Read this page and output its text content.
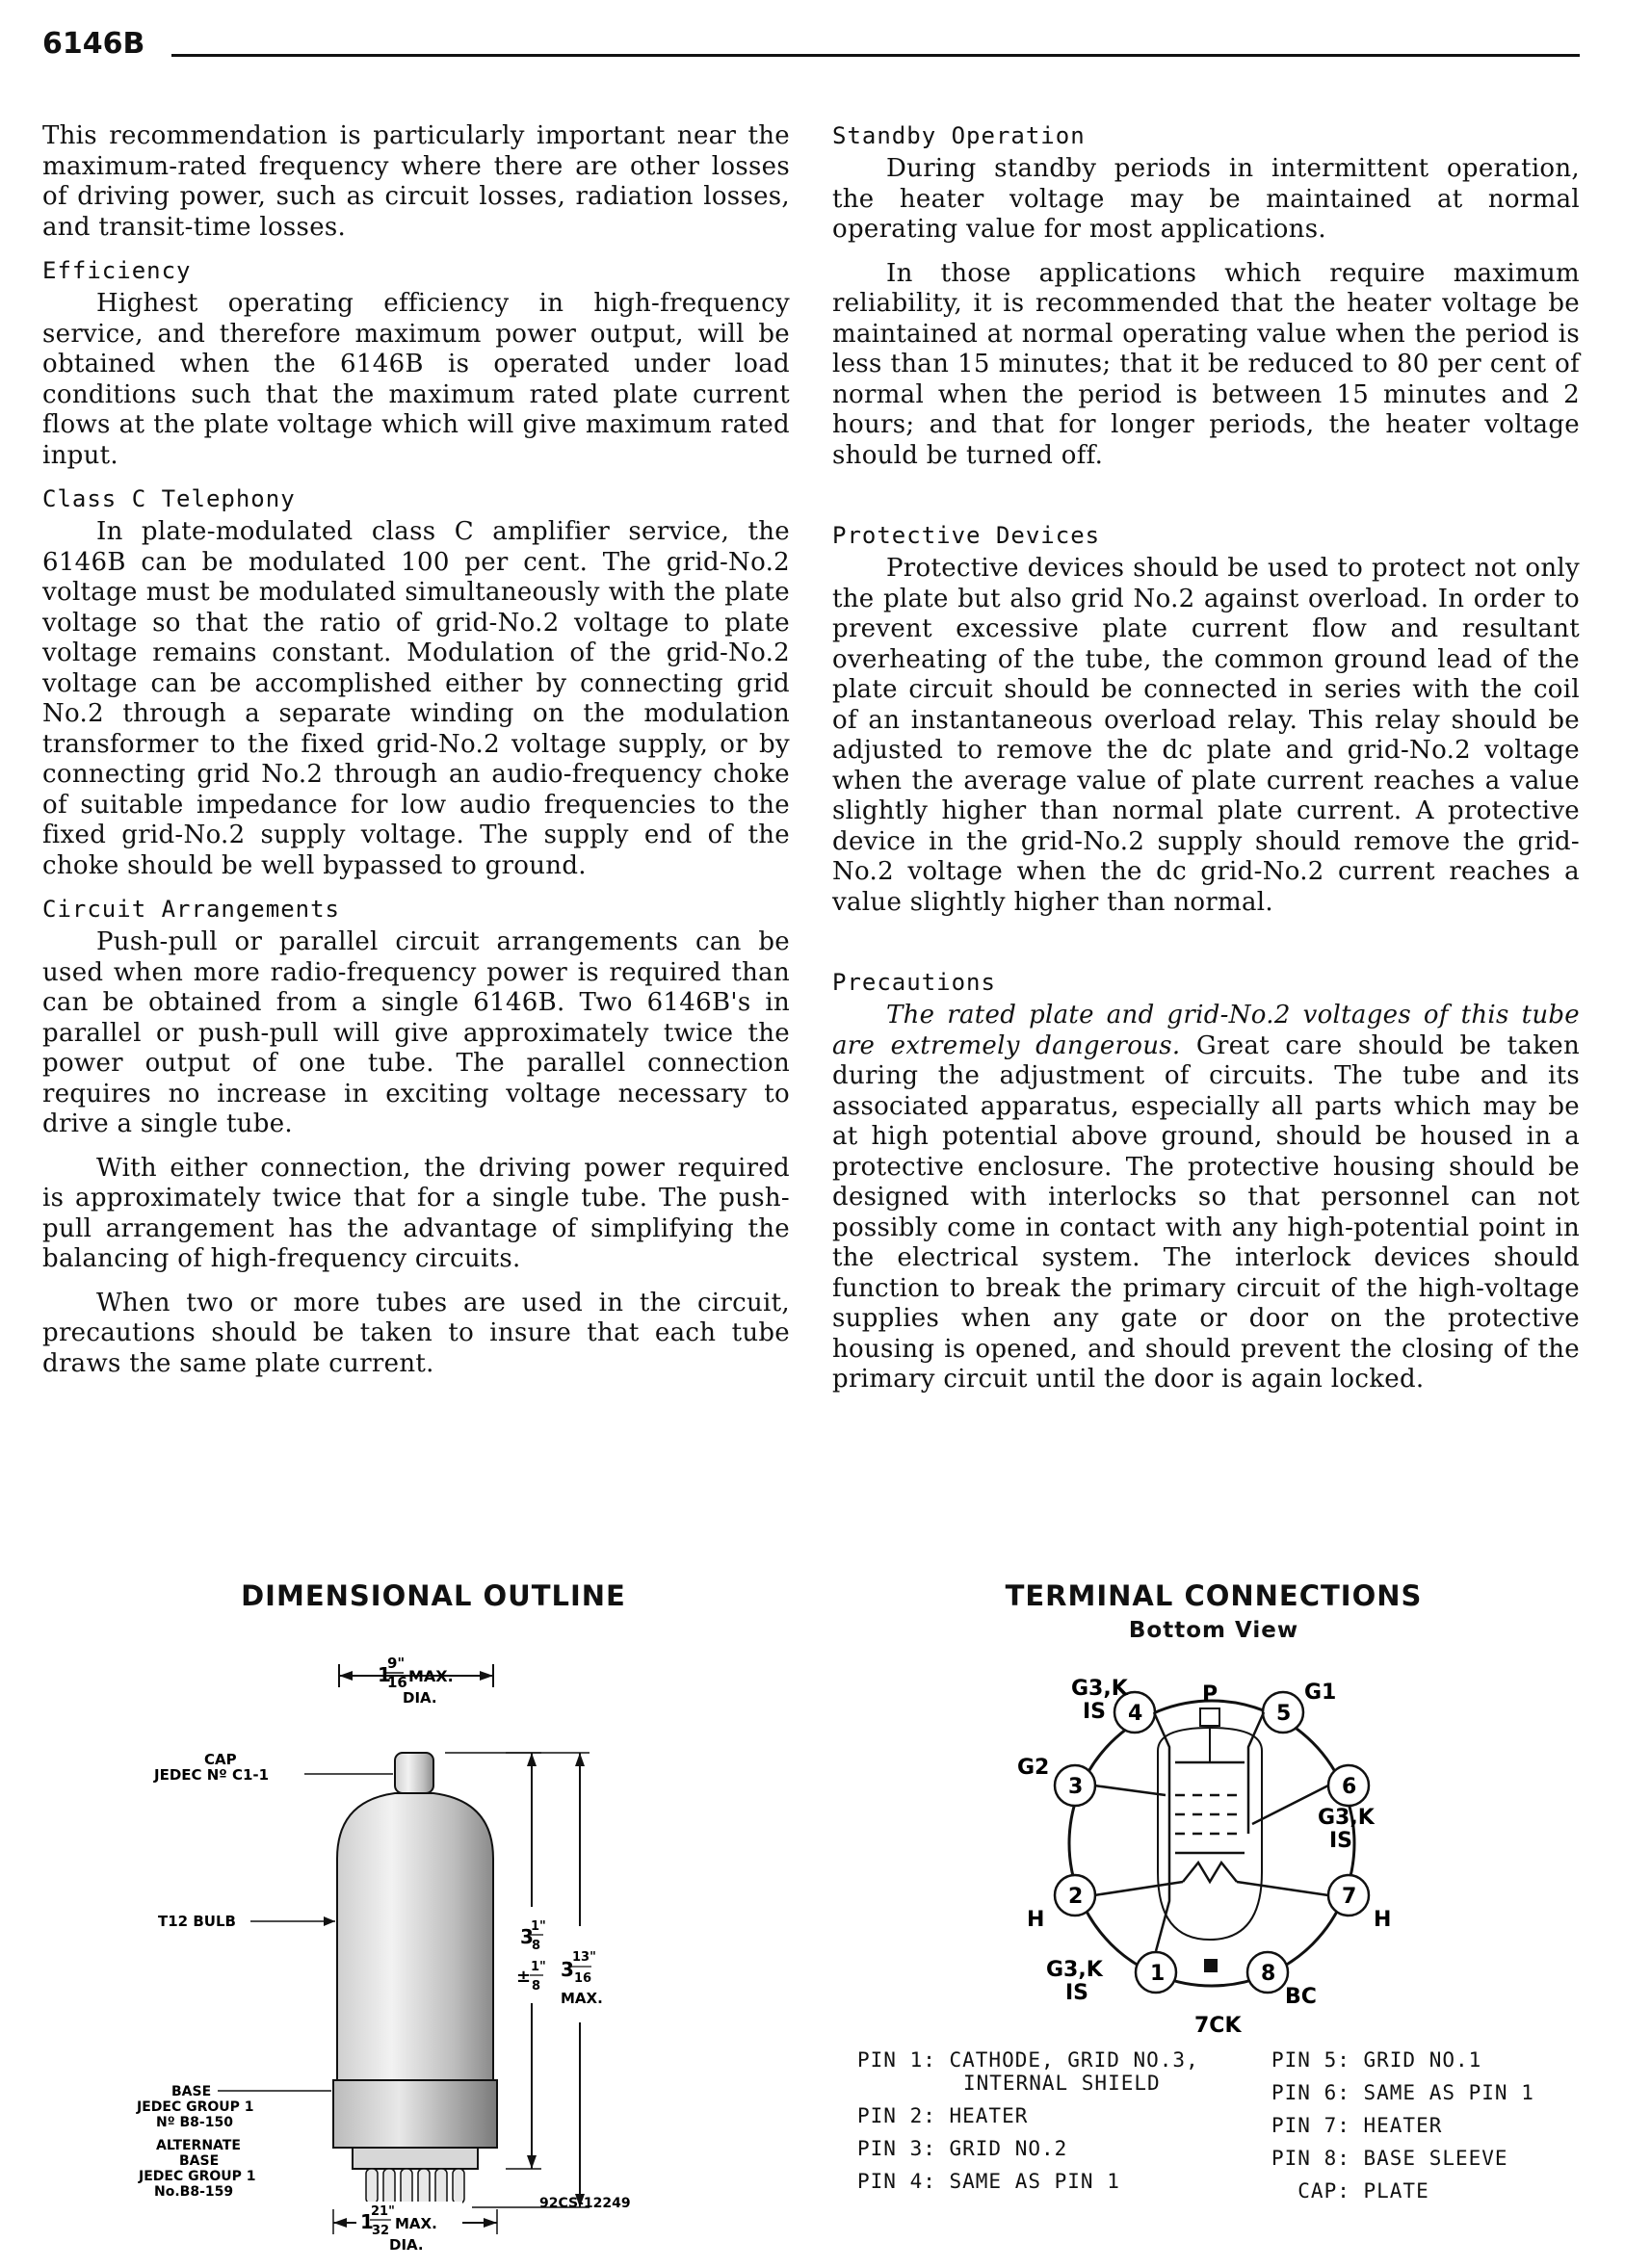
6146B

This recommendation is particularly important near the maximum-rated frequency where there are other losses of driving power, such as circuit losses, radiation losses, and transit-time losses.

Efficiency

Highest operating efficiency in high-frequency service, and therefore maximum power output, will be obtained when the 6146B is operated under load conditions such that the maximum rated plate current flows at the plate voltage which will give maximum rated input.

Class C Telephony

In plate-modulated class C amplifier service, the 6146B can be modulated 100 per cent. The grid-No.2 voltage must be modulated simultaneously with the plate voltage so that the ratio of grid-No.2 voltage to plate voltage remains constant. Modulation of the grid-No.2 voltage can be accomplished either by connecting grid No.2 through a separate winding on the modulation transformer to the fixed grid-No.2 voltage supply, or by connecting grid No.2 through an audio-frequency choke of suitable impedance for low audio frequencies to the fixed grid-No.2 supply voltage. The supply end of the choke should be well bypassed to ground.

Circuit Arrangements

Push-pull or parallel circuit arrangements can be used when more radio-frequency power is required than can be obtained from a single 6146B. Two 6146B's in parallel or push-pull will give approximately twice the power output of one tube. The parallel connection requires no increase in exciting voltage necessary to drive a single tube.

With either connection, the driving power required is approximately twice that for a single tube. The push-pull arrangement has the advantage of simplifying the balancing of high-frequency circuits.

When two or more tubes are used in the circuit, precautions should be taken to insure that each tube draws the same plate current.

Standby Operation

During standby periods in intermittent operation, the heater voltage may be maintained at normal operating value for most applications.

In those applications which require maximum reliability, it is recommended that the heater voltage be maintained at normal operating value when the period is less than 15 minutes; that it be reduced to 80 per cent of normal when the period is between 15 minutes and 2 hours; and that for longer periods, the heater voltage should be turned off.

Protective Devices

Protective devices should be used to protect not only the plate but also grid No.2 against overload. In order to prevent excessive plate current flow and resultant overheating of the tube, the common ground lead of the plate circuit should be connected in series with the coil of an instantaneous overload relay. This relay should be adjusted to remove the dc plate and grid-No.2 voltage when the average value of plate current reaches a value slightly higher than normal plate current. A protective device in the grid-No.2 supply should remove the grid-No.2 voltage when the dc grid-No.2 current reaches a value slightly higher than normal.

Precautions

The rated plate and grid-No.2 voltages of this tube are extremely dangerous. Great care should be taken during the adjustment of circuits. The tube and its associated apparatus, especially all parts which may be at high potential above ground, should be housed in a protective enclosure. The protective housing should be designed with interlocks so that personnel can not possibly come in contact with any high-potential point in the electrical system. The interlock devices should function to break the primary circuit of the high-voltage supplies when any gate or door on the protective housing is opened, and should prevent the closing of the primary circuit until the door is again locked.

DIMENSIONAL OUTLINE
1
9"
16 MAX.
DIA.
CAP
JEDEC Nº C1-1
T12 BULB
3
1"
8
± 1"
8
3
13"
16
MAX.
BASE
JEDEC GROUP 1
Nº B8-150
ALTERNATE
BASE
JEDEC GROUP 1
No.B8-159
1
21"
32 MAX.
DIA.
92CS-12249
TERMINAL CONNECTIONS
Bottom View
1
2
3
4	5
6
7
8
G3,K
IS
P	G1
G2
G3,K
IS
H	H
G3,K
IS	BC
7CK
PIN 1: CATHODE, GRID NO.3,
INTERNAL SHIELD
PIN 2: HEATER
PIN 3: GRID NO.2
PIN 4: SAME AS PIN 1
PIN 5: GRID NO.1
PIN 6: SAME AS PIN 1
PIN 7: HEATER
PIN 8: BASE SLEEVE
CAP: PLATE
